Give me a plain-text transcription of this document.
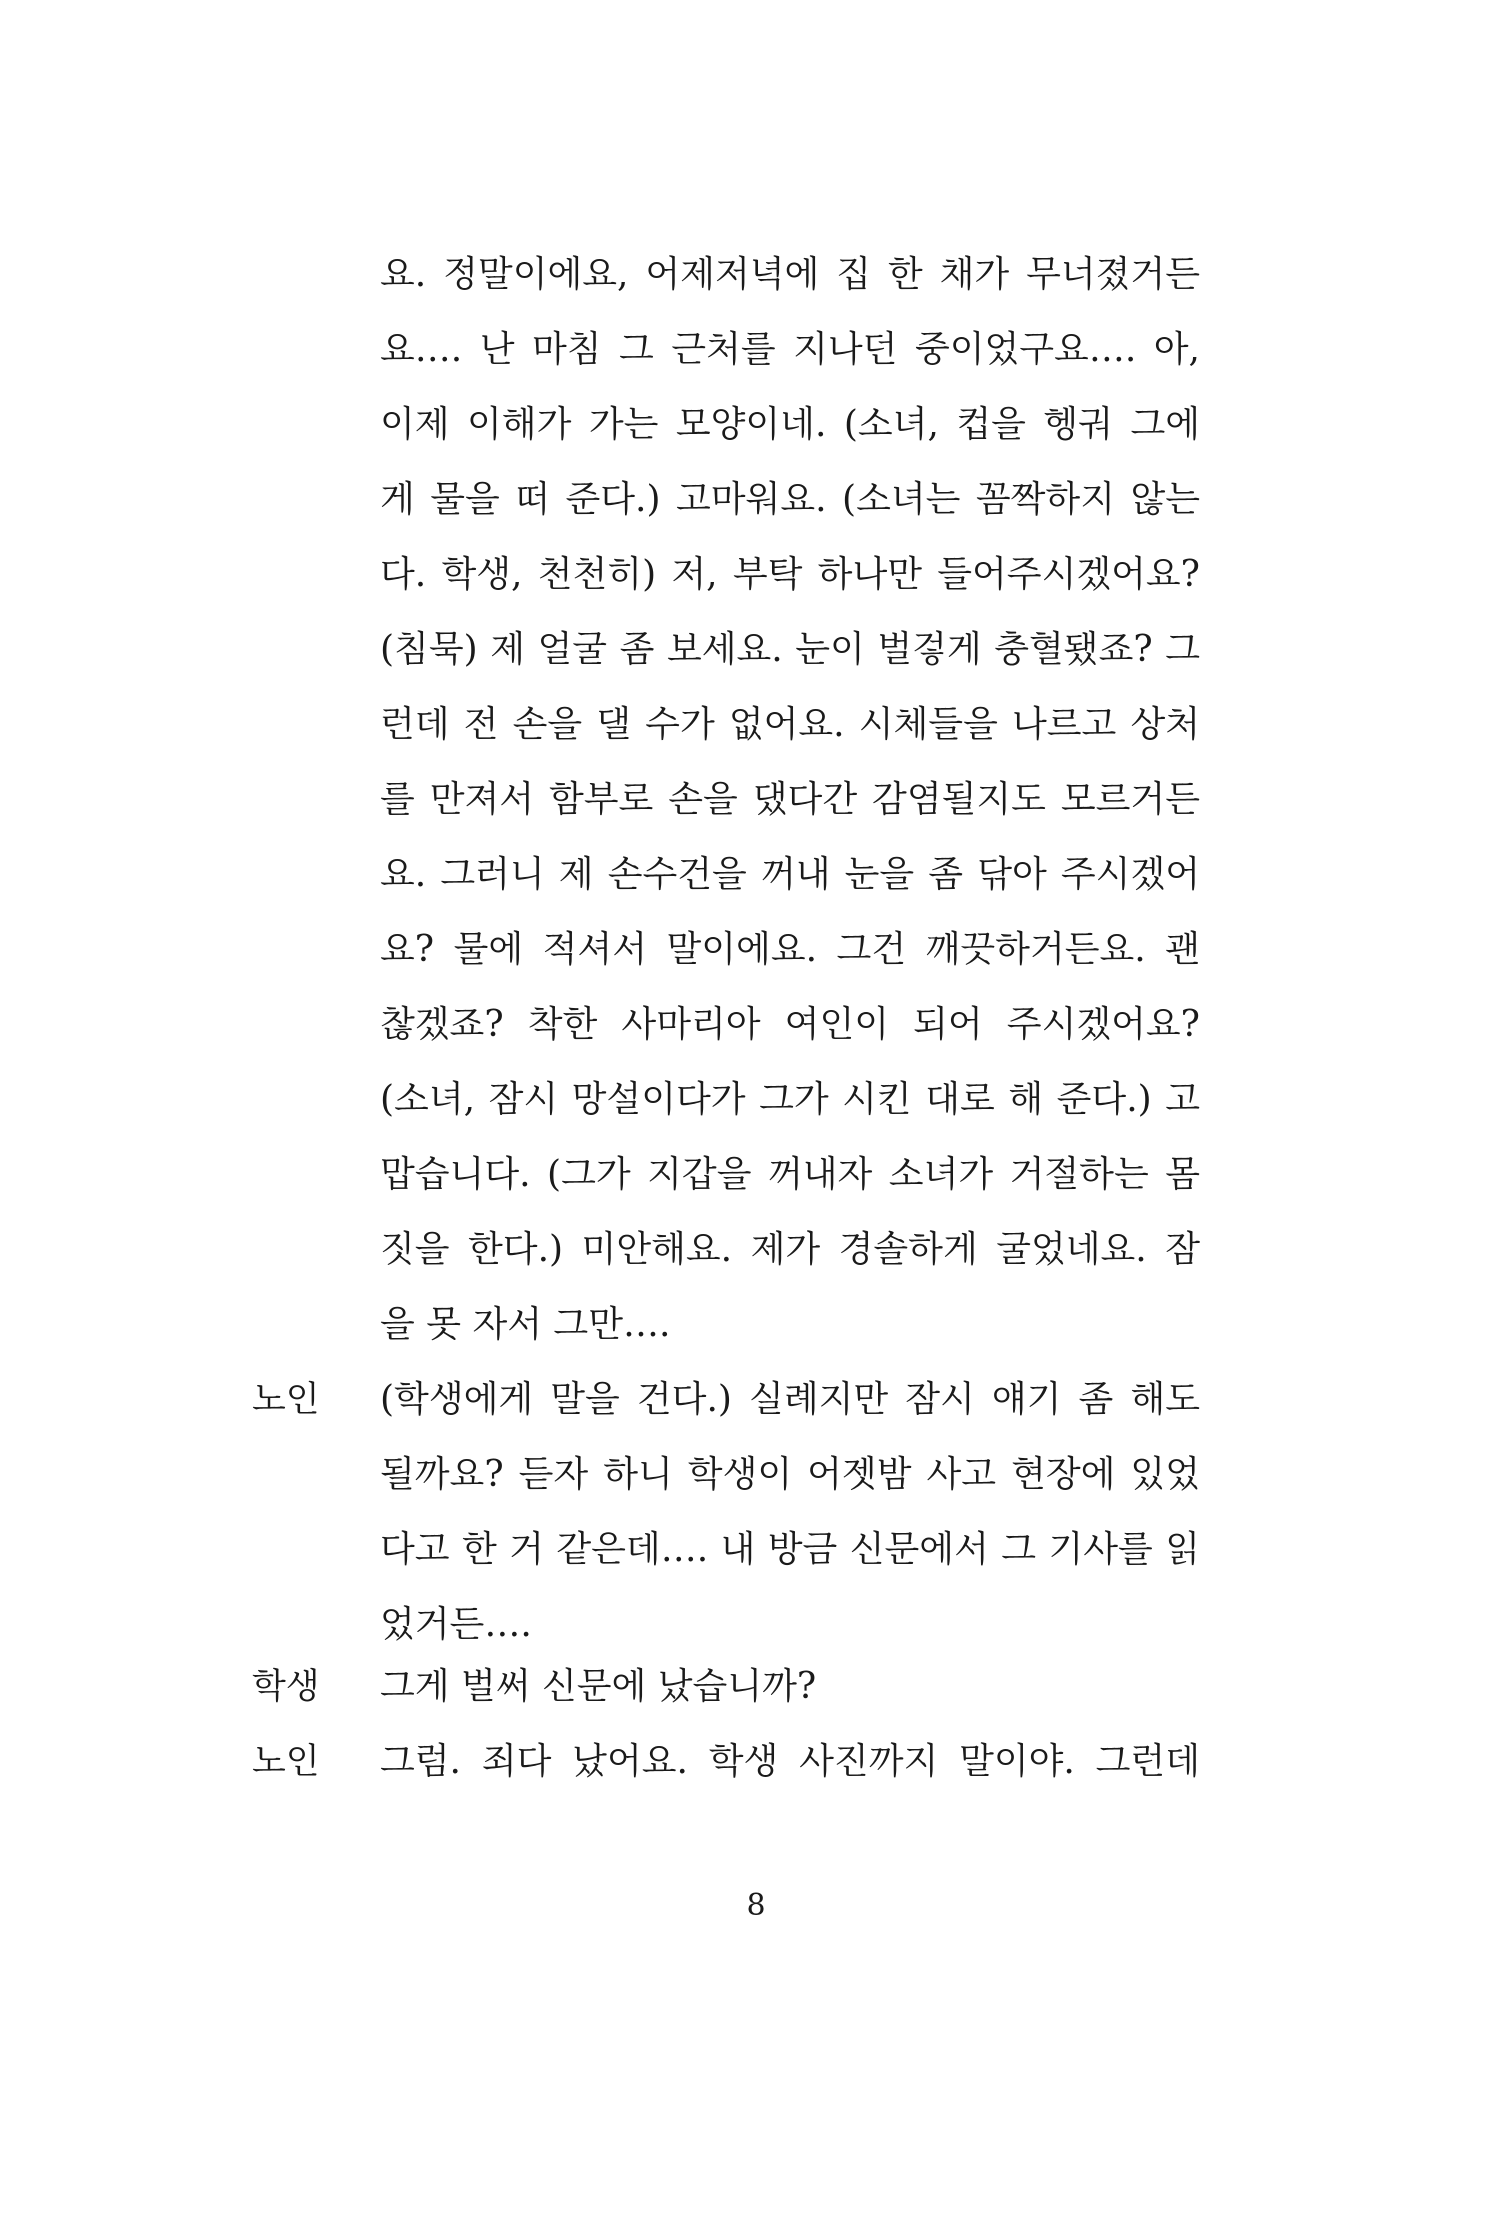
요. 정말이에요, 어제저녁에 집 한 채가 무너졌거든
요…. 난 마침 그 근처를 지나던 중이었구요…. 아,
이제 이해가 가는 모양이네. (소녀, 컵을 헹궈 그에
게 물을 떠 준다.) 고마워요. (소녀는 꼼짝하지 않는
다. 학생, 천천히) 저, 부탁 하나만 들어주시겠어요?
(침묵) 제 얼굴 좀 보세요. 눈이 벌겋게 충혈됐죠? 그
런데 전 손을 댈 수가 없어요. 시체들을 나르고 상처
를 만져서 함부로 손을 댔다간 감염될지도 모르거든
요. 그러니 제 손수건을 꺼내 눈을 좀 닦아 주시겠어
요? 물에 적셔서 말이에요. 그건 깨끗하거든요. 괜
찮겠죠? 착한 사마리아 여인이 되어 주시겠어요?
(소녀, 잠시 망설이다가 그가 시킨 대로 해 준다.) 고
맙습니다. (그가 지갑을 꺼내자 소녀가 거절하는 몸
짓을 한다.) 미안해요. 제가 경솔하게 굴었네요. 잠
을 못 자서 그만….
노인 (학생에게 말을 건다.) 실례지만 잠시 얘기 좀 해도
될까요? 듣자 하니 학생이 어젯밤 사고 현장에 있었
다고 한 거 같은데…. 내 방금 신문에서 그 기사를 읽
었거든….
학생 그게 벌써 신문에 났습니까?
노인 그럼. 죄다 났어요. 학생 사진까지 말이야. 그런데
8
